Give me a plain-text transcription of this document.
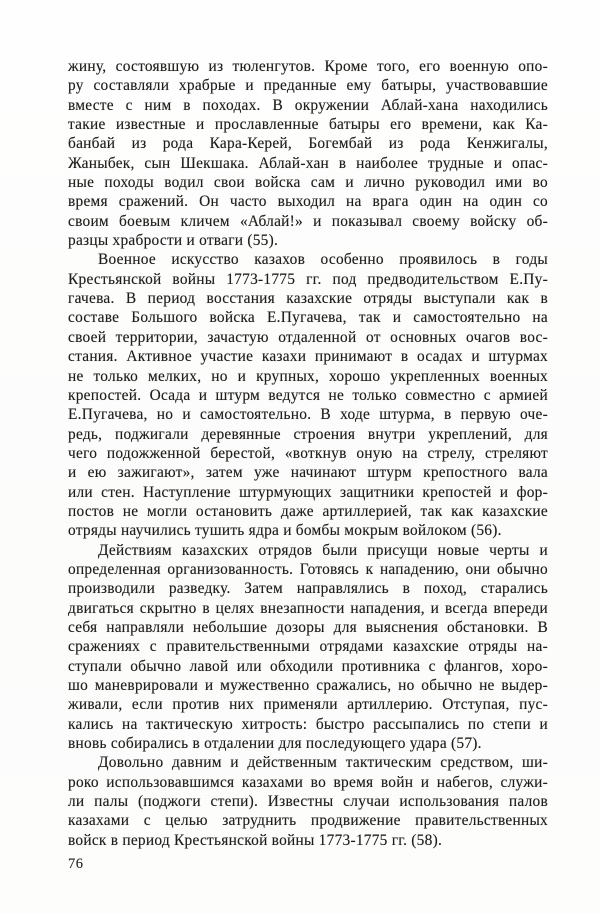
жину, состоявшую из тюленгутов. Кроме того, его военную опо-
ру составляли храбрые и преданные ему батыры, участвовавшие
вместе с ним в походах. В окружении Аблай-хана находились
такие известные и прославленные батыры его времени, как Ка-
банбай из рода Кара-Керей, Богембай из рода Кенжигалы,
Жаныбек, сын Шекшака. Аблай-хан в наиболее трудные и опас-
ные походы водил свои войска сам и лично руководил ими во
время сражений. Он часто выходил на врага один на один со
своим боевым кличем «Аблай!» и показывал своему войску об-
разцы храбрости и отваги (55).
Военное искусство казахов особенно проявилось в годы
Крестьянской войны 1773-1775 гг. под предводительством Е.Пу-
гачева. В период восстания казахские отряды выступали как в
составе Большого войска Е.Пугачева, так и самостоятельно на
своей территории, зачастую отдаленной от основных очагов вос-
стания. Активное участие казахи принимают в осадах и штурмах
не только мелких, но и крупных, хорошо укрепленных военных
крепостей. Осада и штурм ведутся не только совместно с армией
Е.Пугачева, но и самостоятельно. В ходе штурма, в первую оче-
редь, поджигали деревянные строения внутри укреплений, для
чего подожженной берестой, «воткнув оную на стрелу, стреляют
и ею зажигают», затем уже начинают штурм крепостного вала
или стен. Наступление штурмующих защитники крепостей и фор-
постов не могли остановить даже артиллерией, так как казахские
отряды научились тушить ядра и бомбы мокрым войлоком (56).
Действиям казахских отрядов были присущи новые черты и
определенная организованность. Готовясь к нападению, они обычно
производили разведку. Затем направлялись в поход, старались
двигаться скрытно в целях внезапности нападения, и всегда впереди
себя направляли небольшие дозоры для выяснения обстановки. В
сражениях с правительственными отрядами казахские отряды на-
ступали обычно лавой или обходили противника с флангов, хоро-
шо маневрировали и мужественно сражались, но обычно не выдер-
живали, если против них применяли артиллерию. Отступая, пус-
кались на тактическую хитрость: быстро рассыпались по степи и
вновь собирались в отдалении для последующего удара (57).
Довольно давним и действенным тактическим средством, ши-
роко использовавшимся казахами во время войн и набегов, служи-
ли палы (поджоги степи). Известны случаи использования палов
казахами с целью затруднить продвижение правительственных
войск в период Крестьянской войны 1773-1775 гг. (58).
76
